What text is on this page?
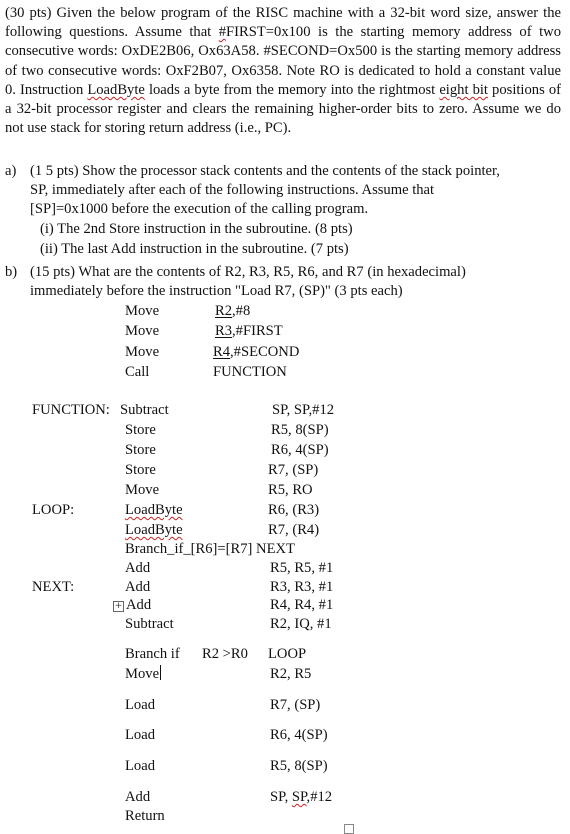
(30 pts) Given the below program of the RISC machine with a 32-bit word size, answer the following questions. Assume that #FIRST=0x100 is the starting memory address of two consecutive words: OxDE2B06, Ox63A58. #SECOND=Ox500 is the starting memory address of two consecutive words: OxF2B07, Ox6358. Note RO is dedicated to hold a constant value 0. Instruction LoadByte loads a byte from the memory into the rightmost eight bit positions of a 32-bit processor register and clears the remaining higher-order bits to zero. Assume we do not use stack for storing return address (i.e., PC).

a) (1 5 pts) Show the processor stack contents and the contents of the stack pointer,
SP, immediately after each of the following instructions. Assume that
[SP]=0x1000 before the execution of the calling program.
(i) The 2nd Store instruction in the subroutine. (8 pts)
(ii) The last Add instruction in the subroutine. (7 pts)
b) (15 pts) What are the contents of R2, R3, R5, R6, and R7 (in hexadecimal)
immediately before the instruction "Load R7, (SP)" (3 pts each)
Move	R2,#8
Move	R3,#FIRST
Move	R4,#SECOND
Call	FUNCTION
FUNCTION: Subtract	SP, SP,#12
Store	R5, 8(SP)
Store	R6, 4(SP)
Store	R7, (SP)
Move	R5, RO
LOOP:	LoadByte	R6, (R3)
LoadByte	R7, (R4)
Branch_if_[R6]=[R7] NEXT
Add	R5, R5, #1
NEXT:	Add	R3, R3, #1
+ Add	R4, R4, #1
Subtract	R2, IQ, #1
Branch if R2 >R0 LOOP
Move	R2, R5
Load	R7, (SP)
Load	R6, 4(SP)
Load	R5, 8(SP)
Add	SP, SP,#12
Return
